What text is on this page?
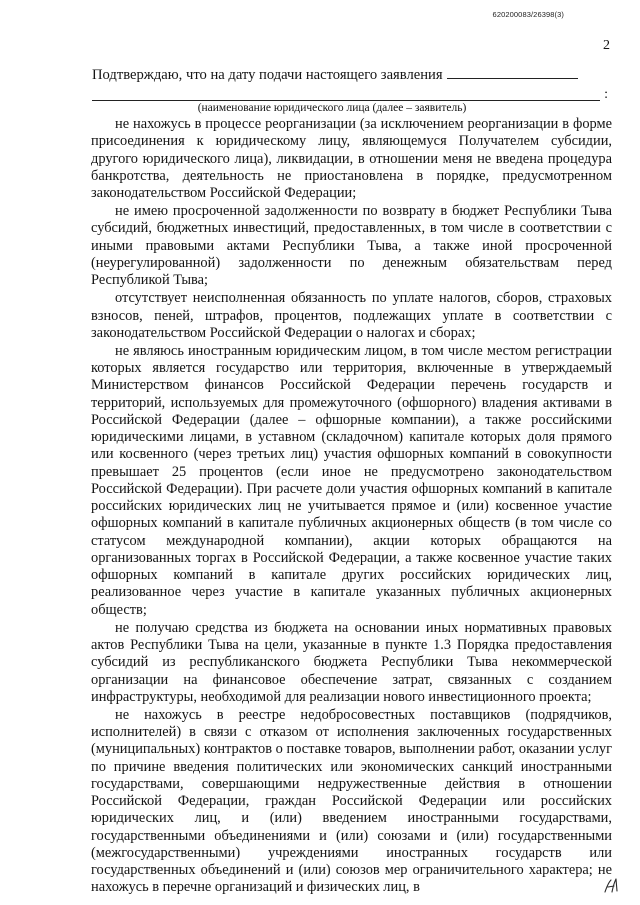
620200083/26398(3)
2
Подтверждаю, что на дату подачи настоящего заявления
:
(наименование юридического лица (далее – заявитель)

не нахожусь в процессе реорганизации (за исключением реорганизации в форме присоединения к юридическому лицу, являющемуся Получателем субсидии, другого юридического лица), ликвидации, в отношении меня не введена процедура банкротства, деятельность не приостановлена в порядке, предусмотренном законодательством Российской Федерации;

не имею просроченной задолженности по возврату в бюджет Республики Тыва субсидий, бюджетных инвестиций, предоставленных, в том числе в соответствии с иными правовыми актами Республики Тыва, а также иной просроченной (неурегулированной) задолженности по денежным обязательствам перед Республикой Тыва;

отсутствует неисполненная обязанность по уплате налогов, сборов, страховых взносов, пеней, штрафов, процентов, подлежащих уплате в соответствии с законодательством Российской Федерации о налогах и сборах;

не являюсь иностранным юридическим лицом, в том числе местом регистрации которых является государство или территория, включенные в утверждаемый Министерством финансов Российской Федерации перечень государств и территорий, используемых для промежуточного (офшорного) владения активами в Российской Федерации (далее – офшорные компании), а также российскими юридическими лицами, в уставном (складочном) капитале которых доля прямого или косвенного (через третьих лиц) участия офшорных компаний в совокупности превышает 25 процентов (если иное не предусмотрено законодательством Российской Федерации). При расчете доли участия офшорных компаний в капитале российских юридических лиц не учитывается прямое и (или) косвенное участие офшорных компаний в капитале публичных акционерных обществ (в том числе со статусом международной компании), акции которых обращаются на организованных торгах в Российской Федерации, а также косвенное участие таких офшорных компаний в капитале других российских юридических лиц, реализованное через участие в капитале указанных публичных акционерных обществ;

не получаю средства из бюджета на основании иных нормативных правовых актов Республики Тыва на цели, указанные в пункте 1.3 Порядка предоставления субсидий из республиканского бюджета Республики Тыва некоммерческой организации на финансовое обеспечение затрат, связанных с созданием инфраструктуры, необходимой для реализации нового инвестиционного проекта;

не нахожусь в реестре недобросовестных поставщиков (подрядчиков, исполнителей) в связи с отказом от исполнения заключенных государственных (муниципальных) контрактов о поставке товаров, выполнении работ, оказании услуг по причине введения политических или экономических санкций иностранными государствами, совершающими недружественные действия в отношении Российской Федерации, граждан Российской Федерации или российских юридических лиц, и (или) введением иностранными государствами, государственными объединениями и (или) союзами и (или) государственными (межгосударственными) учреждениями иностранных государств или государственных объединений и (или) союзов мер ограничительного характера; не нахожусь в перечне организаций и физических лиц, в
